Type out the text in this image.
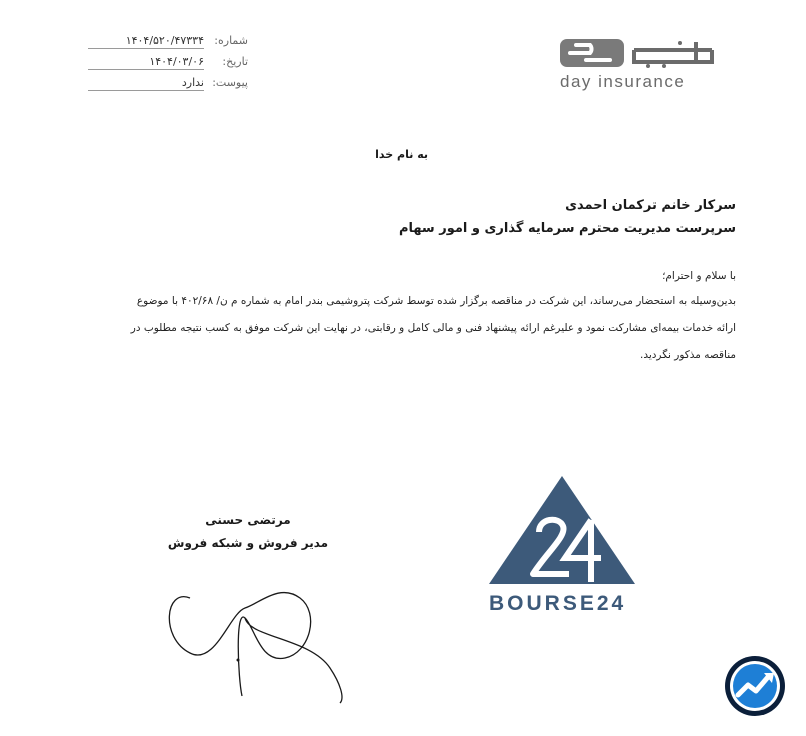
۱۴۰۴/۵۲۰/۴۷۳۳۴ شماره:
۱۴۰۴/۰۳/۰۶	تاریخ:
ندارد پیوست:
بیمه دی
day insurance
به نام خدا
سرکار خانم ترکمان احمدی
سرپرست مدیریت محترم سرمایه گذاری و امور سهام
با سلام و احترام؛
بدین‌وسیله به استحضار می‌رساند، این شرکت در مناقصه برگزار شده توسط شرکت پتروشیمی بندر امام به شماره م ن/ ۴۰۲/۶۸ با موضوع
ارائه خدمات بیمه‌ای مشارکت نمود و علیرغم ارائه پیشنهاد فنی و مالی کامل و رقابتی، در نهایت این شرکت موفق به کسب نتیجه مطلوب در
مناقصه مذکور نگردید.
مرتضی حسنی
مدیر فروش و شبکه فروش
BOURSE24
